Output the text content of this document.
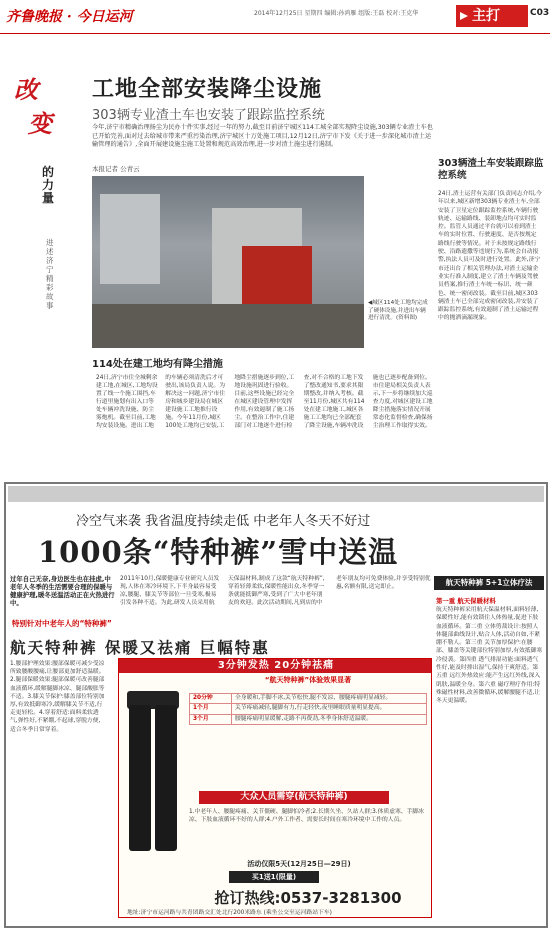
齐鲁晚报 · 今日运河	2014年12月25日 星期四 编辑:孙鸿雁 组版:王磊 校对:王克华	主打	C03
改
变
的力量
进述济宁精彩故事
工地全部安装降尘设施
303辆专业渣土车也安装了跟踪监控系统
今年,济宁市精确治理扬尘为民办十件实事,经过一年的努力,截至目前济宁城区114工城全部实现降尘设施,303辆专业渣土车也已开始完善,面对过去给城市带来严重污染治理,济宁城区十万处施工项目,12月12日,济宁市下发《关于进一步深化城市渣土运输管理的通告》,全面开展建设施尘施工处置和规范高效治理,进一步对渣土施尘进行遏制。
本报记者 公青云
◀城区114处工地均完成了硬体设施,并进出车辆进行清洗。(资料图)
114处在建工地均有降尘措施
24日,济宁市住全城剩余建工地,在城区,工地均设置了线一个施工围挡,车行道里施划有出入口等处车辆冲洗设施、防尘雾炮机。截至目前,工地均安装设施。进出工地的车辆必须清洗后才可驶出,该局负责人说。为解决这一问题,济宁市住房和城乡建设局在城区建设施工工地推行设施。今年11月份,城区100处工地均已安装,工地降尘措施逐步到位,工地设施巩固进行验收。目前,这些设施已经完全在城区建设管理中发挥作用,有效遏制了施工扬尘。在整治工作中,住建部门对工地逐个进行检查,对不合格的工地下发了整改通知书,要求其限期整改,并纳入考核。截至11月份,城区共有114处在建工地施工,城区各施工工地均已全部配套了降尘设施,车辆冲洗设施也已逐步配备到位。市住建局相关负责人表示,下一步将继续加大巡查力度,对城区建设工地降尘措施落实情况开展常态化监督检查,确保扬尘治理工作取得实效。
303辆渣土车安装跟踪监控系统
24日,渣土运营有关部门负责同志介绍,今年以来,城区新增303辆专业渣土车,全部安装了卫星定位跟踪监控系统,车辆行驶轨迹、运输路线、装卸地点均可实时监控。监管人员通过平台就可以看到渣土车的实时位置、行驶速度、是否按规定路线行驶等情况。对于未按规定路线行驶、沿路遗撒等违规行为,系统会自动报警,执法人员可及时进行处置。此外,济宁市还出台了相关管理办法,对渣土运输企业实行准入制度,建立了渣土车辆及驾驶员档案,推行渣土车统一标识、统一颜色、统一密闭改装。截至目前,城区303辆渣土车已全部完成密闭改装,并安装了跟踪监控系统,有效遏制了渣土运输过程中的抛洒滴漏现象。
冷空气来袭 我省温度持续走低 中老年人冬天不好过
1000条“特种裤”雪中送温
过年自己无奈,身边医生也在挂虑,中老年人冬季的生活需要合理的保暖与健康护理,暖冬送温活动正在火热进行中。
特别针对中老年人的“特种裤”
2011年10月,保暖健康专业研究人员发现,人体在寒冷环境下,下半身最容易受凉,腰腿、膝关节等部位一旦受寒,极易引发各种不适。为此,研发人员采用航天保温材料,制成了这款“航天特种裤”,穿着轻薄柔软,保暖性能出众,冬季穿一条就能抵御严寒,受到了广大中老年朋友的欢迎。此次活动期间,凡到店的中老年朋友均可免费体验,并享受特别优惠,名额有限,送完即止。
航天特种裤 保暖又祛痛 巨幅特惠
1.腰部护理效果:腰部保暖可减少受凉所致腰酸腰痛,让腰部更加舒适温暖。2.腿部保暖效果:腿部保暖可改善腿部血液循环,缓解腿脚冰凉、腿部酸胀等不适。3.膝关节保护:膝盖部位特别加厚,有效抵御寒冷,缓解膝关节不适,行走更轻松。4.穿着舒适:面料柔软透气,弹性好,不紧绷,不起球,穿脱方便,适合冬季日常穿着。
3分钟发热 20分钟祛痛
“航天特种裤”体验效果显著
20分钟	全身暖和,手脚不冰,关节松快,腿不发凉、腰腿疼痛明显减轻。
1个月	关节疼痛减轻,腿脚有力,行走轻快,夜里睡眠质量明显提高。
3个月	腰腿疼痛明显缓解,走路不再费劲,冬季身体舒适温暖。
大众人员需穿(航天特种裤)
1.中老年人、腰腿疼痛、关节僵硬、腿脚怕冷者;2.长期久坐、久站人群;3.体质虚寒、手脚冰凉、下肢血液循环不好的人群;4.户外工作者、需要长时间在寒冷环境中工作的人员。
活动仅限5天(12月25日—29日)
买1送1(限量)
抢订热线:0537-3281300
地址:济宁市运河路与共青团路交汇处北行200米路东 (乘坐公交至运河路站下车)
航天特种裤 5+1立体疗法
第一重 航天保暖材料
航天特种裤采用航天保温材料,面料轻薄,保暖性好,能有效锁住人体热量,促进下肢血液循环。第二重 立体剪裁设计:按照人体腿部曲线设计,贴合人体,活动自如,不紧绷不勒人。第三重 关节加厚保护:在腰部、膝盖等关键部位特别加厚,有效抵御寒冷侵袭。第四重 透气排湿功能:面料透气性好,能及时排出湿气,保持干爽舒适。第五重 远红外热效应:能产生远红外线,深入肌肤,温暖全身。第六重 磁疗理疗作用:特殊磁性材料,改善微循环,缓解腰腿不适,让冬天更温暖。
